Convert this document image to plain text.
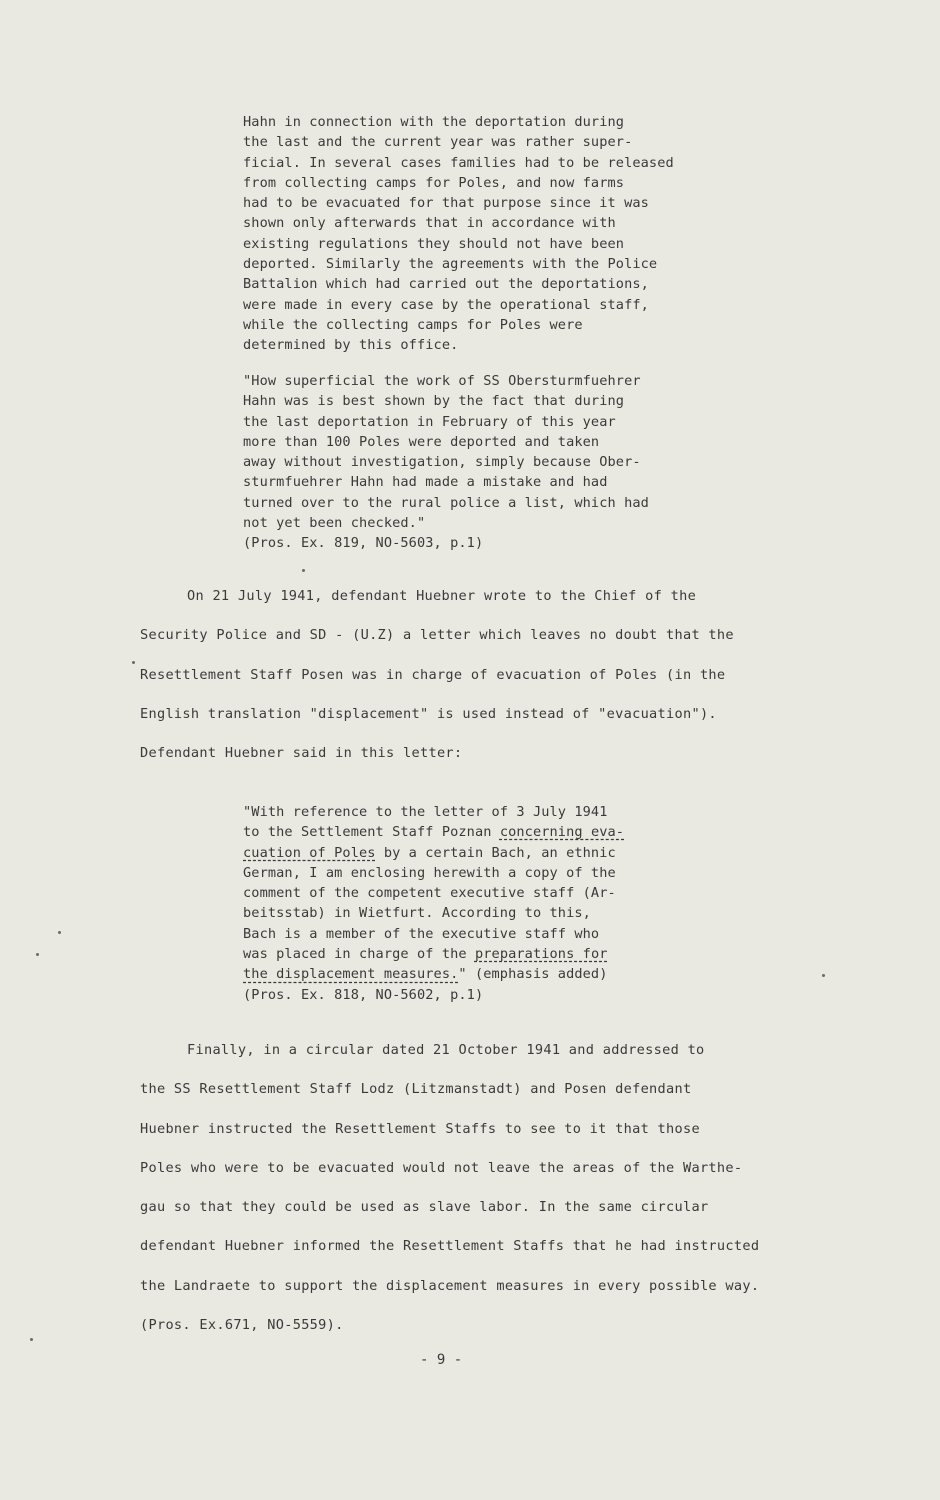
Hahn in connection with the deportation during
the last and the current year was rather super-
ficial. In several cases families had to be released
from collecting camps for Poles, and now farms
had to be evacuated for that purpose since it was
shown only afterwards that in accordance with
existing regulations they should not have been
deported. Similarly the agreements with the Police
Battalion which had carried out the deportations,
were made in every case by the operational staff,
while the collecting camps for Poles were
determined by this office.
"How superficial the work of SS Obersturmfuehrer
Hahn was is best shown by the fact that during
the last deportation in February of this year
more than 100 Poles were deported and taken
away without investigation, simply because Ober-
sturmfuehrer Hahn had made a mistake and had
turned over to the rural police a list, which had
not yet been checked."
(Pros. Ex. 819, NO-5603, p.1)
On 21 July 1941, defendant Huebner wrote to the Chief of the
Security Police and SD - (U.Z) a letter which leaves no doubt that the
Resettlement Staff Posen was in charge of evacuation of Poles (in the
English translation "displacement" is used instead of "evacuation").
Defendant Huebner said in this letter:
"With reference to the letter of 3 July 1941
to the Settlement Staff Poznan concerning eva-
cuation of Poles by a certain Bach, an ethnic
German, I am enclosing herewith a copy of the
comment of the competent executive staff (Ar-
beitsstab) in Wietfurt. According to this,
Bach is a member of the executive staff who
was placed in charge of the preparations for
the displacement measures." (emphasis added)
(Pros. Ex. 818, NO-5602, p.1)
Finally, in a circular dated 21 October 1941 and addressed to
the SS Resettlement Staff Lodz (Litzmanstadt) and Posen defendant
Huebner instructed the Resettlement Staffs to see to it that those
Poles who were to be evacuated would not leave the areas of the Warthe-
gau so that they could be used as slave labor. In the same circular
defendant Huebner informed the Resettlement Staffs that he had instructed
the Landraete to support the displacement measures in every possible way.
(Pros. Ex.671, NO-5559).
- 9 -
